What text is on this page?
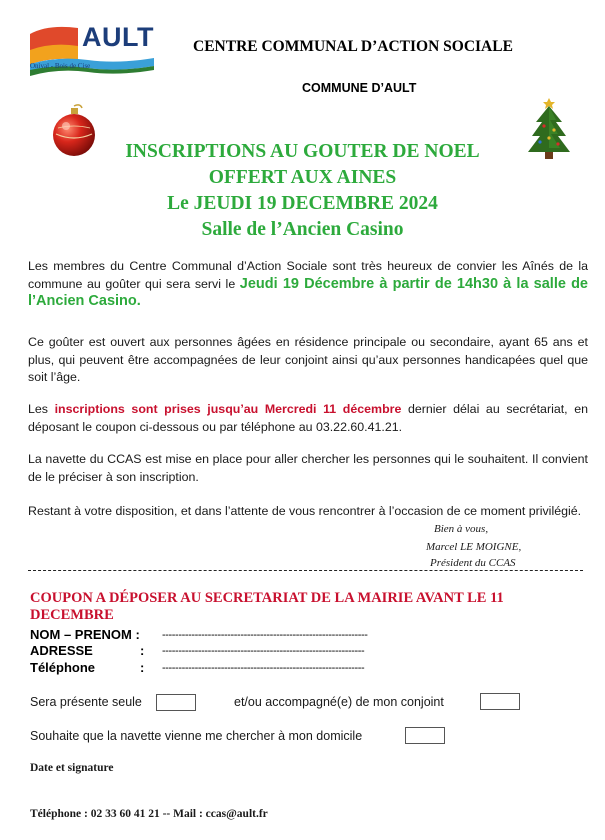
AULT
Onival - Bois de Cise
CENTRE COMMUNAL D’ACTION SOCIALE
COMMUNE D’AULT
INSCRIPTIONS AU GOUTER DE NOEL
OFFERT AUX AINES
Le JEUDI 19 DECEMBRE 2024
Salle de l’Ancien Casino

Les membres du Centre Communal d’Action Sociale sont très heureux de convier les Aînés de la commune au goûter qui sera servi le Jeudi 19 Décembre à partir de 14h30 à la salle de l’Ancien Casino.

Ce goûter est ouvert aux personnes âgées en résidence principale ou secondaire, ayant 65 ans et plus, qui peuvent être accompagnées de leur conjoint ainsi qu’aux personnes handicapées quel que soit l’âge.

Les inscriptions sont prises jusqu’au Mercredi 11 décembre dernier délai au secrétariat, en déposant le coupon ci-dessous ou par téléphone au 03.22.60.41.21.

La navette du CCAS est mise en place pour aller chercher les personnes qui le souhaitent. Il convient de le préciser à son inscription.

Restant à votre disposition, et dans l’attente de vous rencontrer à l’occasion de ce moment privilégié.

Bien à vous,
Marcel LE MOIGNE,
Président du CCAS
COUPON A DÉPOSER AU SECRETARIAT DE LA MAIRIE AVANT LE 11 DECEMBRE
NOM – PRENOM : ---------------------------------------------------------------
ADRESSE	: --------------------------------------------------------------
Téléphone	: --------------------------------------------------------------
Sera présente seule	et/ou accompagné(e) de mon conjoint
Souhaite que la navette vienne me chercher à mon domicile
Date et signature
Téléphone : 02 33 60 41 21 -- Mail : ccas@ault.fr
